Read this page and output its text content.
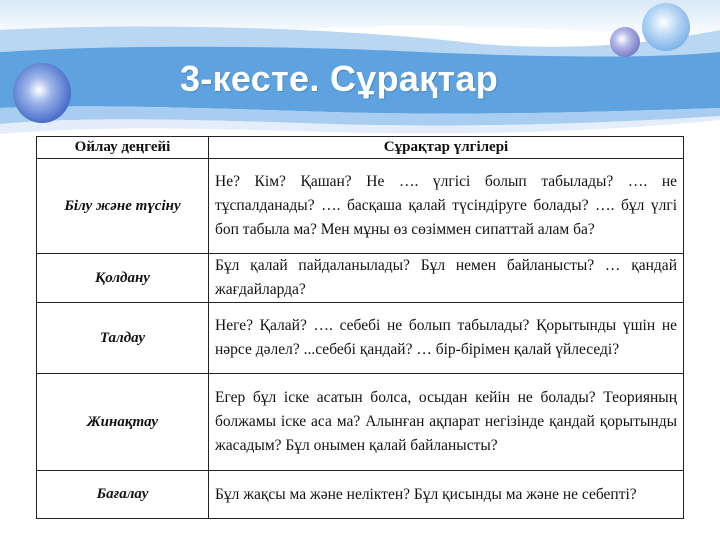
3-кесте. Сұрақтар
Ойлау деңгейі	Сұрақтар үлгілері
Білу және түсіну	Не? Кім? Қашан? Не …. үлгісі болып табылады? …. не тұспалданады? …. басқаша қалай түсіндіруге болады? …. бұл үлгі боп табыла ма? Мен мұны өз сөзіммен сипаттай алам ба?
Қолдану	Бұл қалай пайдаланылады? Бұл немен байланысты? … қандай жағдайларда?
Талдау	Неге? Қалай? …. себебі не болып табылады? Қорытынды үшін не нәрсе дәлел? ...себебі қандай? … бір-бірімен қалай үйлеседі?
Жинақтау	Егер бұл іске асатын болса, осыдан кейін не болады? Теорияның болжамы іске аса ма? Алынған ақпарат негізінде қандай қорытынды жасадым? Бұл онымен қалай байланысты?
Бағалау	Бұл жақсы ма және неліктен? Бұл қисынды ма және не себепті?
